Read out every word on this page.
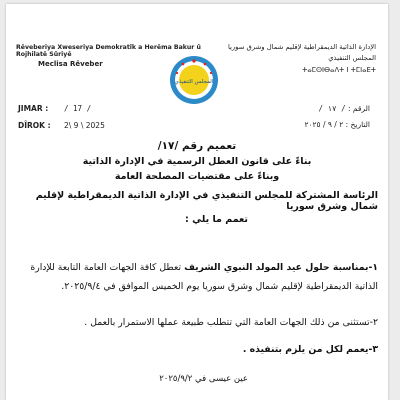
Rêveberiya Xweseriya Demokratîk a Herêma Bakur û Rojhilatê Sûriyê
Meclisa Rêveber
الإدارة الذاتية الديمقراطية لإقليم شمال وشرق سوريا
المجلس التنفيذي
ⵜⴰⵎⵙⵏⴱⴰⴷⵜ ⵏ ⵜⵎⵏⴰⴹⵜ
المجلس التنفيذي
JIMAR : / 17 /
DÎROK : 2\ 9 \ 2025
الرقم : / ١٧ /
التاريخ : ٢ / ٩ / ٢٠٢٥
تعميم رقم /١٧/
بناءً على قانون العطل الرسمية في الإدارة الذاتية
وبناءً على مقتضيات المصلحة العامة
الرئاسة المشتركة للمجلس التنفيذي في الإدارة الذاتية الديمقراطية لإقليم شمال وشرق سوريا
تعمم ما يلي :
١-بمناسبة حلول عيد المولد النبوي الشريف تعطل كافة الجهات العامة التابعة للإدارة الذاتية الديمقراطية لإقليم شمال وشرق سوريا يوم الخميس الموافق في ٢٠٢٥/٩/٤.
٢-تستثنى من ذلك الجهات العامة التي تتطلب طبيعة عملها الاستمرار بالعمل .
٣-يعمم لكل من يلزم بتنفيذه .
عين عيسى في ٢٠٢٥/٩/٢
